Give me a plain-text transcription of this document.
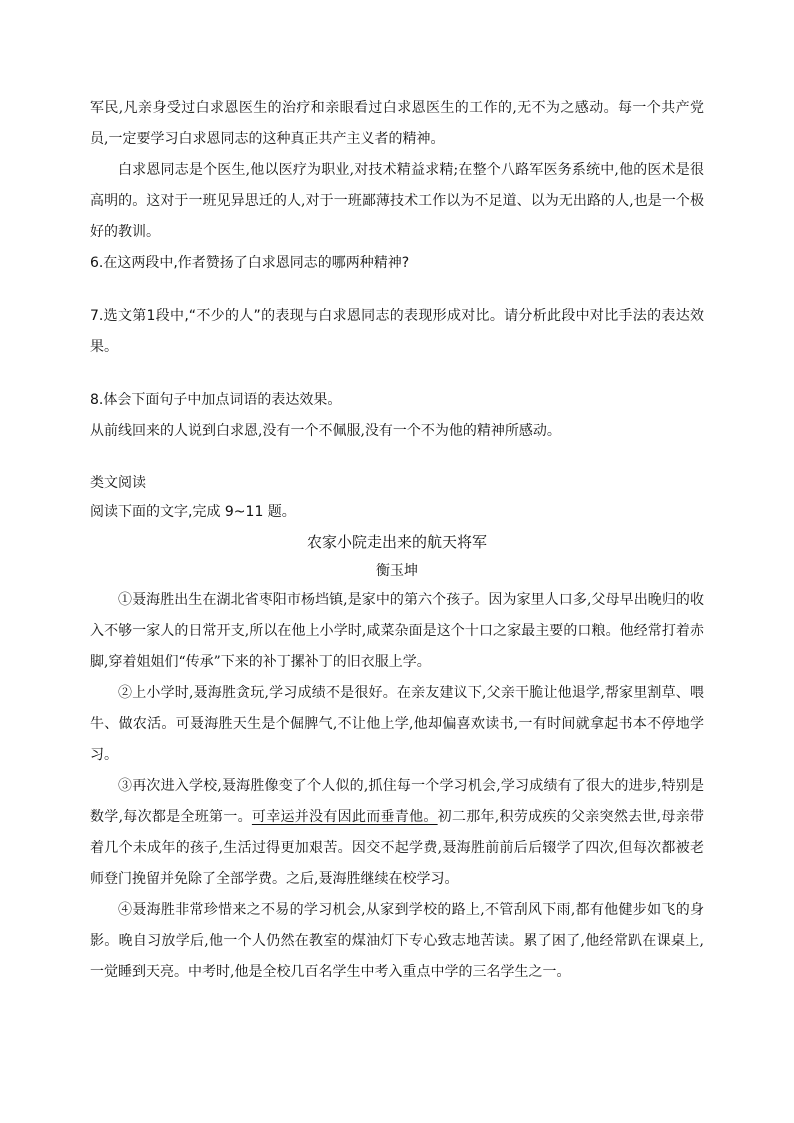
军民,凡亲身受过白求恩医生的治疗和亲眼看过白求恩医生的工作的,无不为之感动。每一个共产党员,一定要学习白求恩同志的这种真正共产主义者的精神。

白求恩同志是个医生,他以医疗为职业,对技术精益求精;在整个八路军医务系统中,他的医术是很高明的。这对于一班见异思迁的人,对于一班鄙薄技术工作以为不足道、以为无出路的人,也是一个极好的教训。

6.在这两段中,作者赞扬了白求恩同志的哪两种精神?

7.选文第1段中,“不少的人”的表现与白求恩同志的表现形成对比。请分析此段中对比手法的表达效果。

8.体会下面句子中加点词语的表达效果。

从前线回来的人说到白求恩,没有一个不佩服,没有一个不为他的精神所感动。

类文阅读

阅读下面的文字,完成 9~11 题。

农家小院走出来的航天将军

衡玉坤

①聂海胜出生在湖北省枣阳市杨垱镇,是家中的第六个孩子。因为家里人口多,父母早出晚归的收入不够一家人的日常开支,所以在他上小学时,咸菜杂面是这个十口之家最主要的口粮。他经常打着赤脚,穿着姐姐们“传承”下来的补丁摞补丁的旧衣服上学。

②上小学时,聂海胜贪玩,学习成绩不是很好。在亲友建议下,父亲干脆让他退学,帮家里割草、喂牛、做农活。可聂海胜天生是个倔脾气,不让他上学,他却偏喜欢读书,一有时间就拿起书本不停地学习。

③再次进入学校,聂海胜像变了个人似的,抓住每一个学习机会,学习成绩有了很大的进步,特别是数学,每次都是全班第一。可幸运并没有因此而垂青他。初二那年,积劳成疾的父亲突然去世,母亲带着几个未成年的孩子,生活过得更加艰苦。因交不起学费,聂海胜前前后后辍学了四次,但每次都被老师登门挽留并免除了全部学费。之后,聂海胜继续在校学习。

④聂海胜非常珍惜来之不易的学习机会,从家到学校的路上,不管刮风下雨,都有他健步如飞的身影。晚自习放学后,他一个人仍然在教室的煤油灯下专心致志地苦读。累了困了,他经常趴在课桌上,一觉睡到天亮。中考时,他是全校几百名学生中考入重点中学的三名学生之一。
